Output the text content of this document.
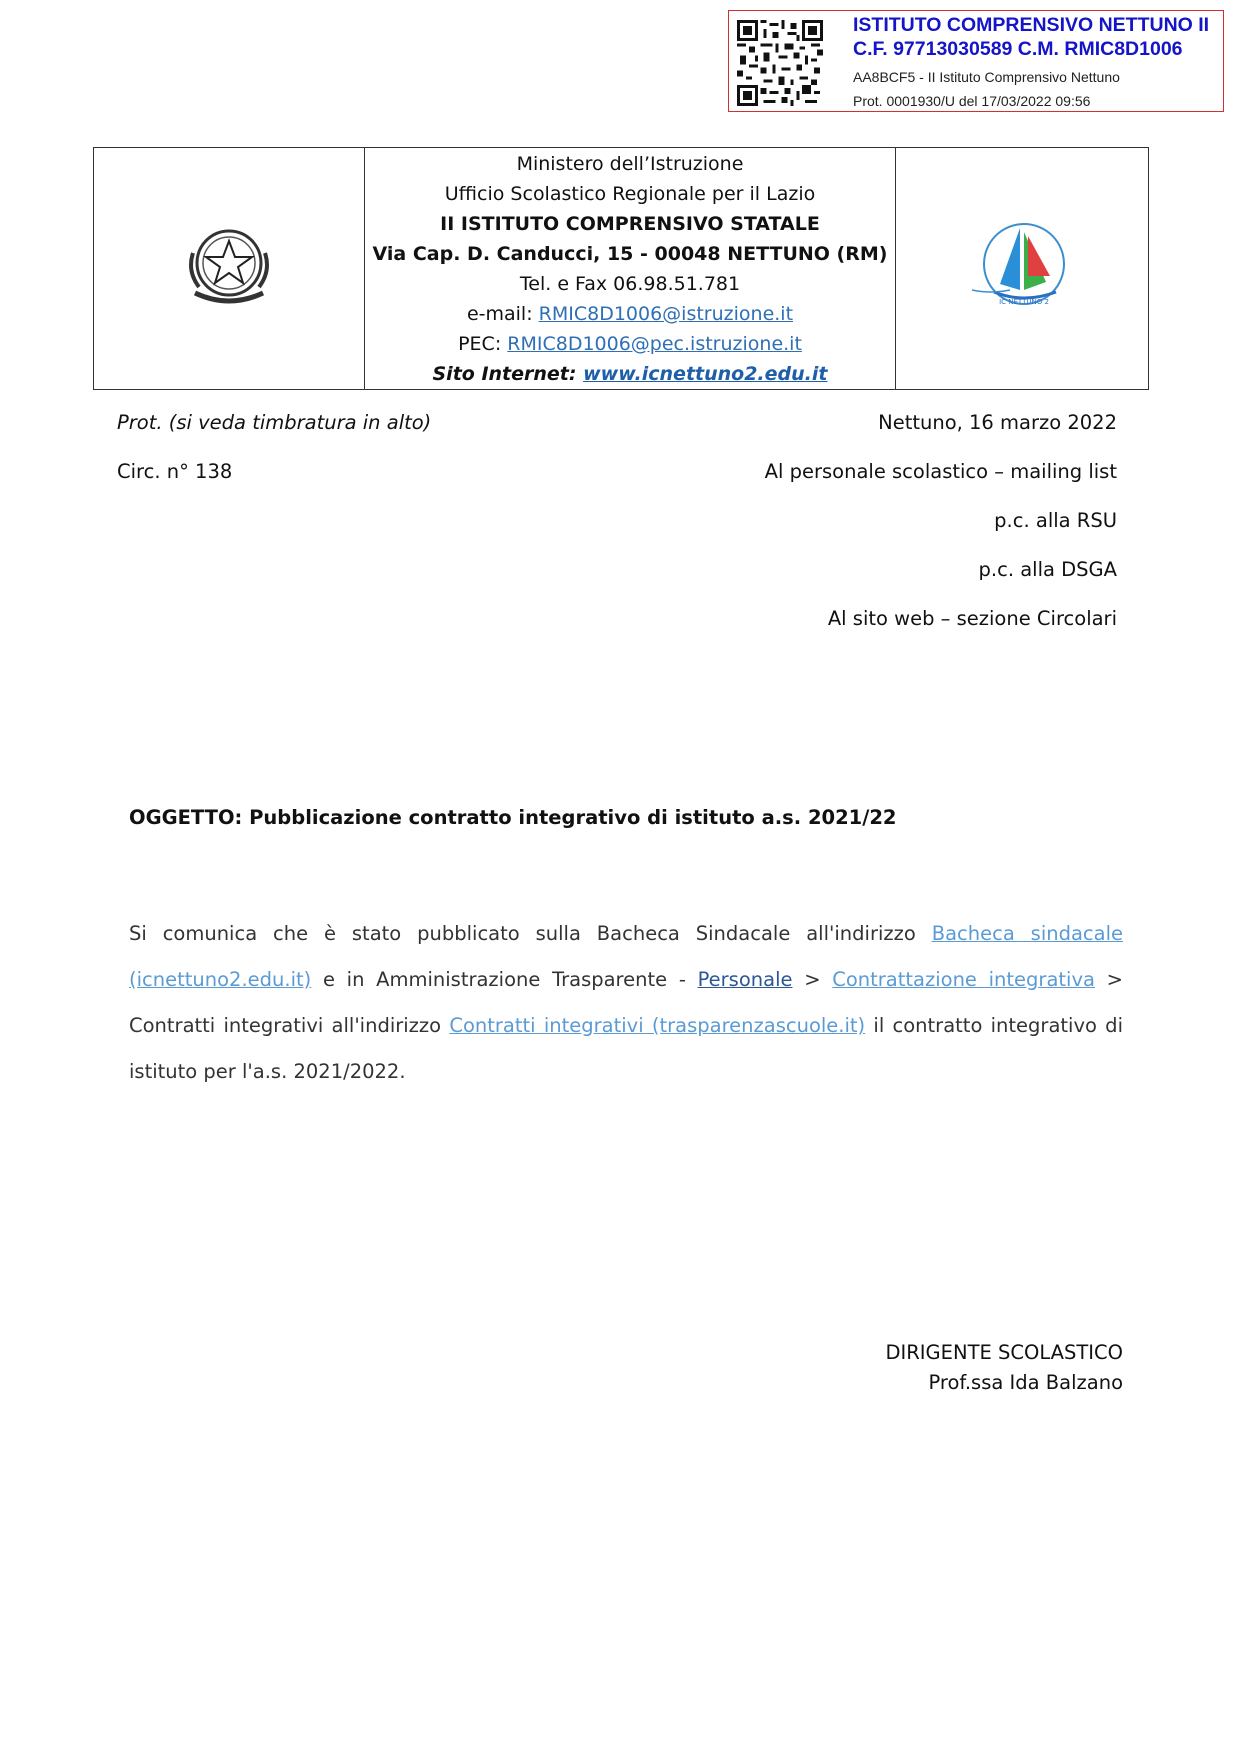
ISTITUTO COMPRENSIVO NETTUNO II
C.F. 97713030589 C.M. RMIC8D1006
AA8BCF5 - II Istituto Comprensivo Nettuno
Prot. 0001930/U del 17/03/2022 09:56

Ministero dell’Istruzione
Ufficio Scolastico Regionale per il Lazio
II ISTITUTO COMPRENSIVO STATALE
Via Cap. D. Canducci, 15 - 00048 NETTUNO (RM)
Tel. e Fax 06.98.51.781
e-mail: RMIC8D1006@istruzione.it
PEC: RMIC8D1006@pec.istruzione.it
Sito Internet: www.icnettuno2.edu.it

IC NETTUNO 2
Prot. (si veda timbratura in alto)	Nettuno, 16 marzo 2022
Circ. n° 138	Al personale scolastico – mailing list
p.c. alla RSU
p.c. alla DSGA
Al sito web – sezione Circolari
OGGETTO: Pubblicazione contratto integrativo di istituto a.s. 2021/22
Si comunica che è stato pubblicato sulla Bacheca Sindacale all'indirizzo Bacheca sindacale (icnettuno2.edu.it) e in Amministrazione Trasparente - Personale > Contrattazione integrativa > Contratti integrativi all'indirizzo Contratti integrativi (trasparenzascuole.it) il contratto integrativo di istituto per l'a.s. 2021/2022.
DIRIGENTE SCOLASTICO
Prof.ssa Ida Balzano
